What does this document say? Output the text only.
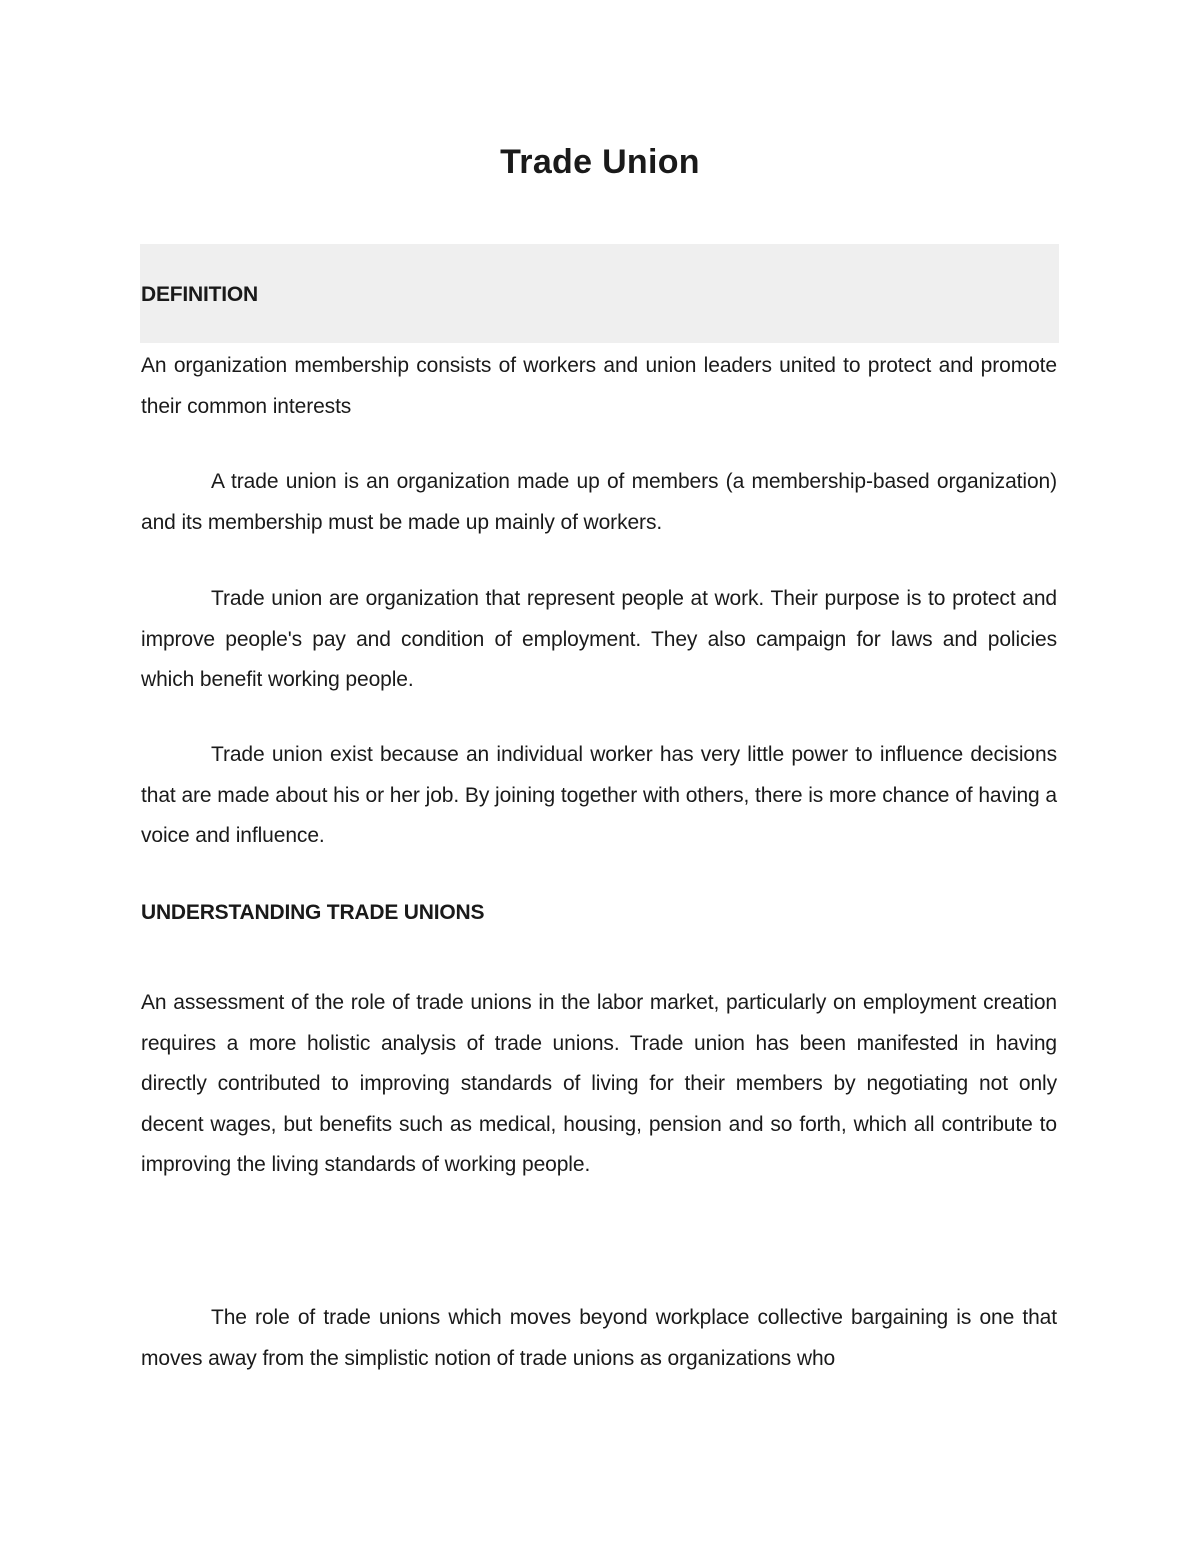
Trade Union
DEFINITION

An organization membership consists of workers and union leaders united to protect and promote their common interests

A trade union is an organization made up of members (a membership-based organization) and its membership must be made up mainly of workers.

Trade union are organization that represent people at work. Their purpose is to protect and improve people's pay and condition of employment. They also campaign for laws and policies which benefit working people.

Trade union exist because an individual worker has very little power to influence decisions that are made about his or her job. By joining together with others, there is more chance of having a voice and influence.

UNDERSTANDING TRADE UNIONS

An assessment of the role of trade unions in the labor market, particularly on employment creation requires a more holistic analysis of trade unions. Trade union has been manifested in having directly contributed to improving standards of living for their members by negotiating not only decent wages, but benefits such as medical, housing, pension and so forth, which all contribute to improving the living standards of working people.

The role of trade unions which moves beyond workplace collective bargaining is one that moves away from the simplistic notion of trade unions as organizations who
